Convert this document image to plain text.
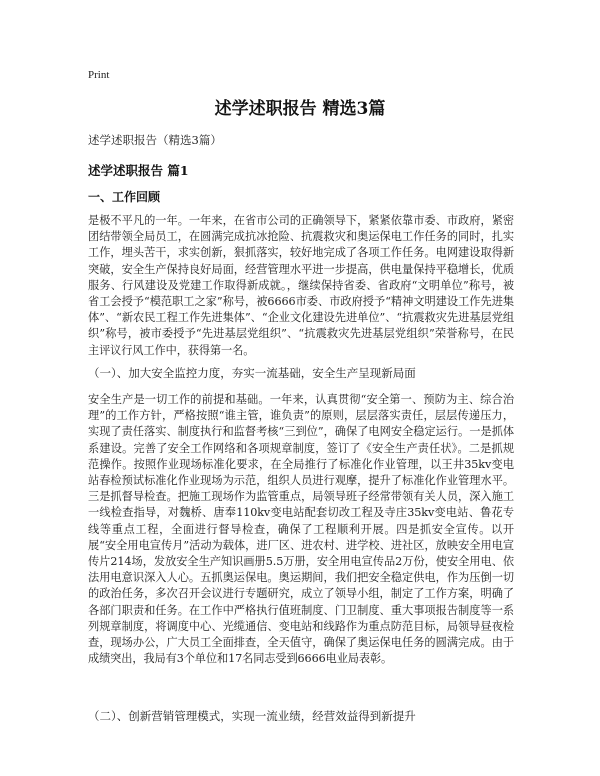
Print
述学述职报告 精选3篇
述学述职报告（精选3篇）
述学述职报告 篇1
一、工作回顾
是极不平凡的一年。一年来，在省市公司的正确领导下，紧紧依靠市委、市政府，紧密团结带领全局员工，在圆满完成抗冰抢险、抗震救灾和奥运保电工作任务的同时，扎实工作，埋头苦干，求实创新，狠抓落实，较好地完成了各项工作任务。电网建设取得新突破，安全生产保持良好局面，经营管理水平进一步提高，供电量保持平稳增长，优质服务、行风建设及党建工作取得新成就。，继续保持省委、省政府“文明单位”称号，被省工会授予“模范职工之家”称号，被6666市委、市政府授予“精神文明建设工作先进集体”、“新农民工程工作先进集体”、“企业文化建设先进单位”、“抗震救灾先进基层党组织”称号，被市委授予“先进基层党组织”、“抗震救灾先进基层党组织”荣誉称号，在民主评议行风工作中，获得第一名。
（一）、加大安全监控力度，夯实一流基础，安全生产呈现新局面
安全生产是一切工作的前提和基础。一年来，认真贯彻“安全第一、预防为主、综合治理”的工作方针，严格按照“谁主管，谁负责”的原则，层层落实责任，层层传递压力，实现了责任落实、制度执行和监督考核“三到位”，确保了电网安全稳定运行。一是抓体系建设。完善了安全工作网络和各项规章制度，签订了《安全生产责任状》。二是抓规范操作。按照作业现场标准化要求，在全局推行了标准化作业管理，以王井35kv变电站春检预试标准化作业现场为示范，组织人员进行观摩，提升了标准化作业管理水平。三是抓督导检查。把施工现场作为监管重点，局领导班子经常带领有关人员，深入施工一线检查指导，对魏桥、唐奉110kv变电站配套切改工程及寺庄35kv变电站、鲁花专线等重点工程，全面进行督导检查，确保了工程顺利开展。四是抓安全宣传。以开展“安全用电宣传月”活动为载体，进厂区、进农村、进学校、进社区，放映安全用电宣传片214场，发放安全生产知识画册5.5万册，安全用电宣传品2万份，使安全用电、依法用电意识深入人心。五抓奥运保电。奥运期间，我们把安全稳定供电，作为压倒一切的政治任务，多次召开会议进行专题研究，成立了领导小组，制定了工作方案，明确了各部门职责和任务。在工作中严格执行值班制度、门卫制度、重大事项报告制度等一系列规章制度，将调度中心、光缆通信、变电站和线路作为重点防范目标，局领导昼夜检查，现场办公，广大员工全面排查，全天值守，确保了奥运保电任务的圆满完成。由于成绩突出，我局有3个单位和17名同志受到6666电业局表彰。
（二）、创新营销管理模式，实现一流业绩，经营效益得到新提升
